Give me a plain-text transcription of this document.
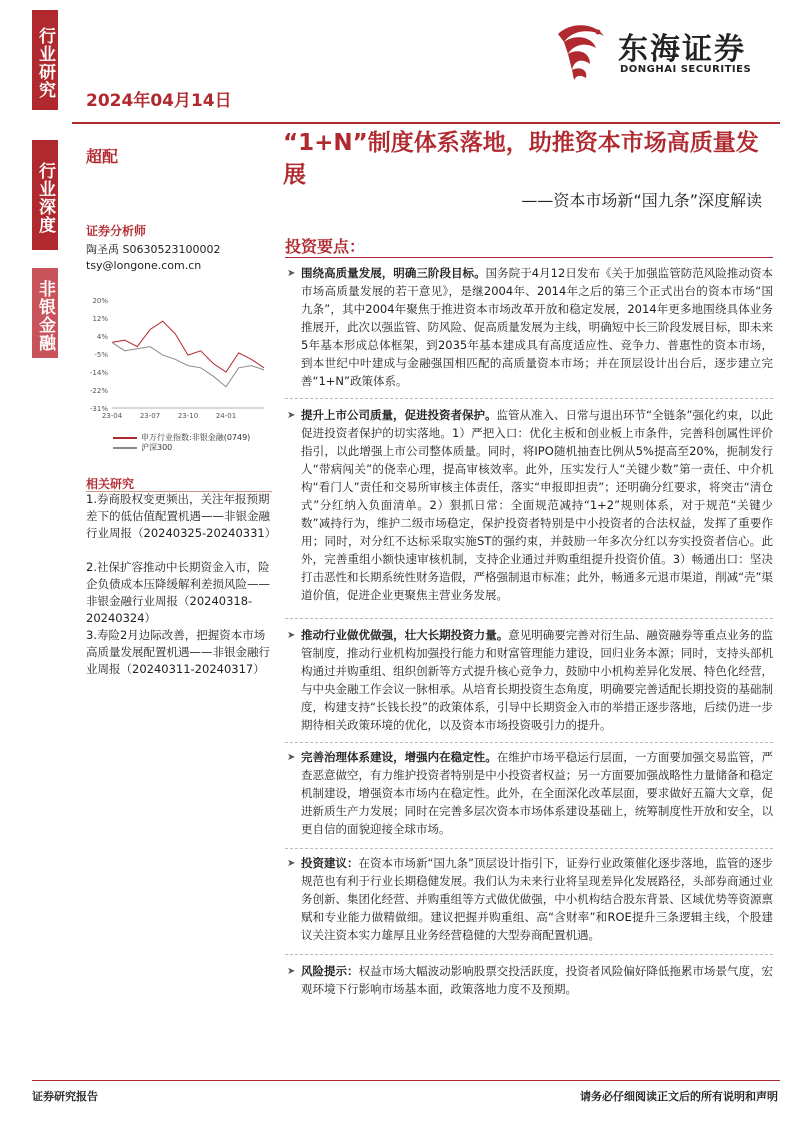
行业研究
行业深度
非银金融
东海证券
DONGHAI SECURITIES
2024年04月14日
超配
“1+N”制度体系落地，助推资本市场高质量发展
——资本市场新“国九条”深度解读
证券分析师
陶圣禹 S0630523100002
tsy@longone.com.cn
20%
12%
4%
-5%
-14%
-22%
-31%
23-04	23-07	23-10	24-01
申万行业指数:非银金融(0749)
沪深300
相关研究
1.券商股权变更频出，关注年报预期差下的低估值配置机遇——非银金融行业周报（20240325-20240331）
2.社保扩容推动中长期资金入市，险企负债成本压降缓解利差损风险——非银金融行业周报（20240318-20240324）
3.寿险2月边际改善，把握资本市场高质量发展配置机遇——非银金融行业周报（20240311-20240317）
投资要点：
➤ 围绕高质量发展，明确三阶段目标。国务院于4月12日发布《关于加强监管防范风险推动资本市场高质量发展的若干意见》，是继2004年、2014年之后的第三个正式出台的资本市场“国九条”，其中2004年聚焦于推进资本市场改革开放和稳定发展，2014年更多地围绕具体业务推展开，此次以强监管、防风险、促高质量发展为主线，明确短中长三阶段发展目标，即未来5年基本形成总体框架，到2035年基本建成具有高度适应性、竞争力、普惠性的资本市场，到本世纪中叶建成与金融强国相匹配的高质量资本市场；并在顶层设计出台后，逐步建立完善“1+N”政策体系。
➤ 提升上市公司质量，促进投资者保护。监管从准入、日常与退出环节“全链条”强化约束，以此促进投资者保护的切实落地。1）严把入口：优化主板和创业板上市条件，完善科创属性评价指引，以此增强上市公司整体质量。同时，将IPO随机抽查比例从5%提高至20%，扼制发行人“带病闯关”的侥幸心理，提高审核效率。此外，压实发行人“关键少数”第一责任、中介机构“看门人”责任和交易所审核主体责任，落实“申报即担责”；还明确分红要求，将突击“清仓式”分红纳入负面清单。2）狠抓日常：全面规范减持“1+2”规则体系，对于规范“关键少数”减持行为，维护二级市场稳定，保护投资者特别是中小投资者的合法权益，发挥了重要作用；同时，对分红不达标采取实施ST的强约束，并鼓励一年多次分红以夯实投资者信心。此外，完善重组小额快速审核机制，支持企业通过并购重组提升投资价值。3）畅通出口：坚决打击恶性和长期系统性财务造假，严格强制退市标准；此外，畅通多元退市渠道，削减“壳”渠道价值，促进企业更聚焦主营业务发展。
➤ 推动行业做优做强，壮大长期投资力量。意见明确要完善对衍生品、融资融券等重点业务的监管制度，推动行业机构加强投行能力和财富管理能力建设，回归业务本源；同时，支持头部机构通过并购重组、组织创新等方式提升核心竞争力，鼓励中小机构差异化发展、特色化经营，与中央金融工作会议一脉相承。从培育长期投资生态角度，明确要完善适配长期投资的基础制度，构建支持“长钱长投”的政策体系，引导中长期资金入市的举措正逐步落地，后续仍进一步期待相关政策环境的优化，以及资本市场投资吸引力的提升。
➤ 完善治理体系建设，增强内在稳定性。在维护市场平稳运行层面，一方面要加强交易监管，严查恶意做空，有力维护投资者特别是中小投资者权益；另一方面要加强战略性力量储备和稳定机制建设，增强资本市场内在稳定性。此外，在全面深化改革层面，要求做好五篇大文章，促进新质生产力发展；同时在完善多层次资本市场体系建设基础上，统筹制度性开放和安全，以更自信的面貌迎接全球市场。
➤ 投资建议：在资本市场新“国九条”顶层设计指引下，证券行业政策催化逐步落地，监管的逐步规范也有利于行业长期稳健发展。我们认为未来行业将呈现差异化发展路径，头部券商通过业务创新、集团化经营、并购重组等方式做优做强，中小机构结合股东背景、区域优势等资源禀赋和专业能力做精做细。建议把握并购重组、高“含财率”和ROE提升三条逻辑主线，个股建议关注资本实力雄厚且业务经营稳健的大型券商配置机遇。
➤ 风险提示：权益市场大幅波动影响股票交投活跃度，投资者风险偏好降低拖累市场景气度，宏观环境下行影响市场基本面，政策落地力度不及预期。
证券研究报告	请务必仔细阅读正文后的所有说明和声明
